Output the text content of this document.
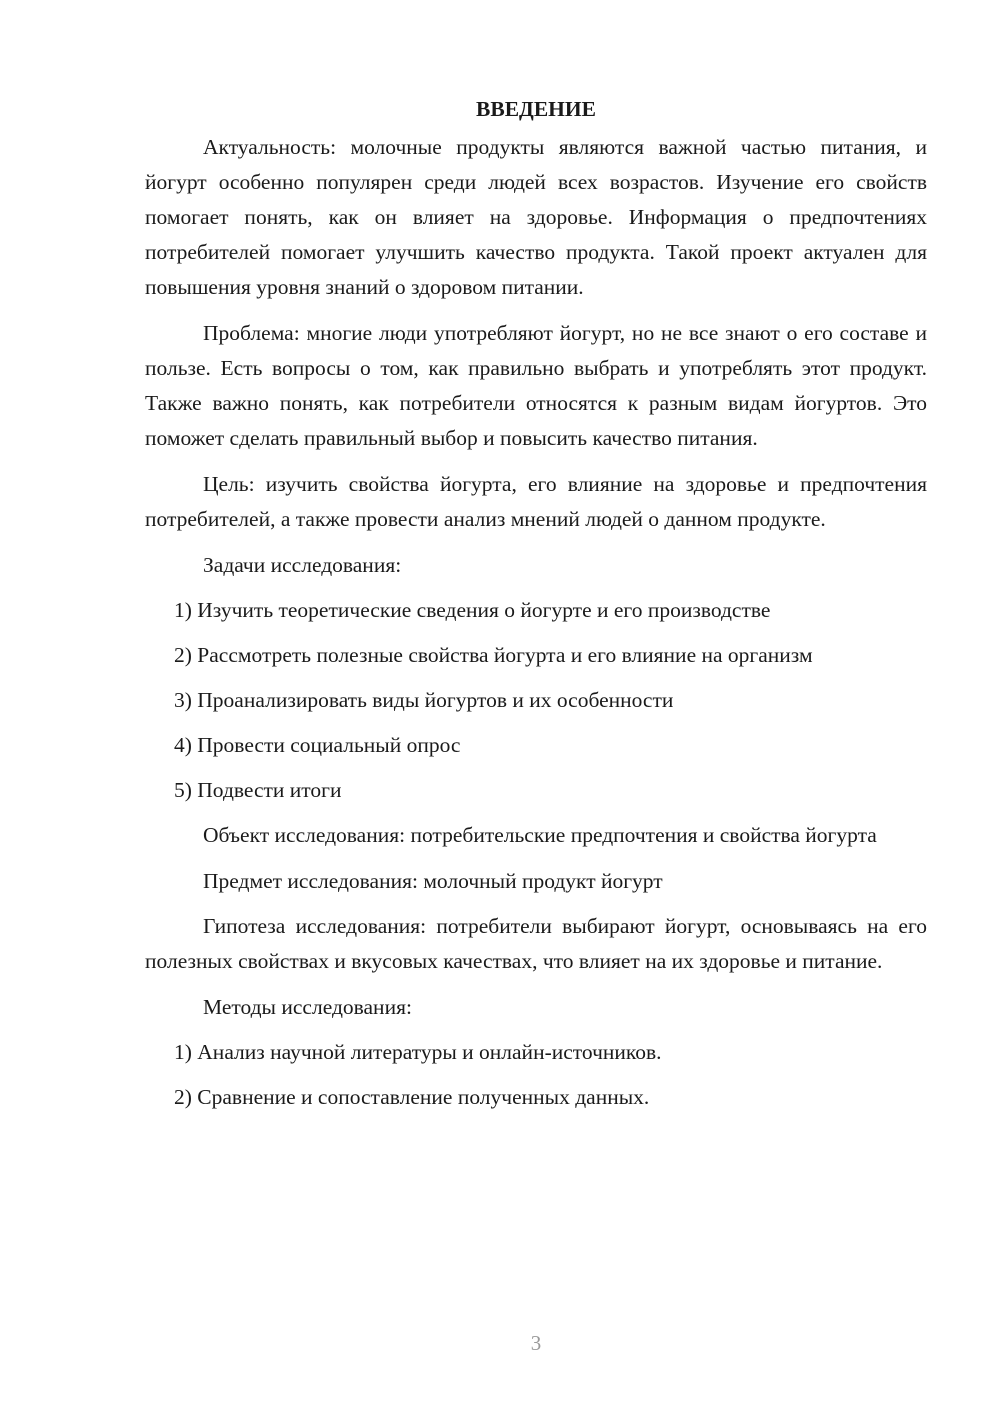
ВВЕДЕНИЕ

Актуальность: молочные продукты являются важной частью питания, и йогурт особенно популярен среди людей всех возрастов. Изучение его свойств помогает понять, как он влияет на здоровье. Информация о предпочтениях потребителей помогает улучшить качество продукта. Такой проект актуален для повышения уровня знаний о здоровом питании.

Проблема: многие люди употребляют йогурт, но не все знают о его составе и пользе. Есть вопросы о том, как правильно выбрать и употреблять этот продукт. Также важно понять, как потребители относятся к разным видам йогуртов. Это поможет сделать правильный выбор и повысить качество питания.

Цель: изучить свойства йогурта, его влияние на здоровье и предпочтения потребителей, а также провести анализ мнений людей о данном продукте.

Задачи исследования:

1) Изучить теоретические сведения о йогурте и его производстве
2) Рассмотреть полезные свойства йогурта и его влияние на организм
3) Проанализировать виды йогуртов и их особенности
4) Провести социальный опрос
5) Подвести итоги

Объект исследования: потребительские предпочтения и свойства йогурта

Предмет исследования: молочный продукт йогурт

Гипотеза исследования: потребители выбирают йогурт, основываясь на его полезных свойствах и вкусовых качествах, что влияет на их здоровье и питание.

Методы исследования:

1) Анализ научной литературы и онлайн-источников.
2) Сравнение и сопоставление полученных данных.
3
